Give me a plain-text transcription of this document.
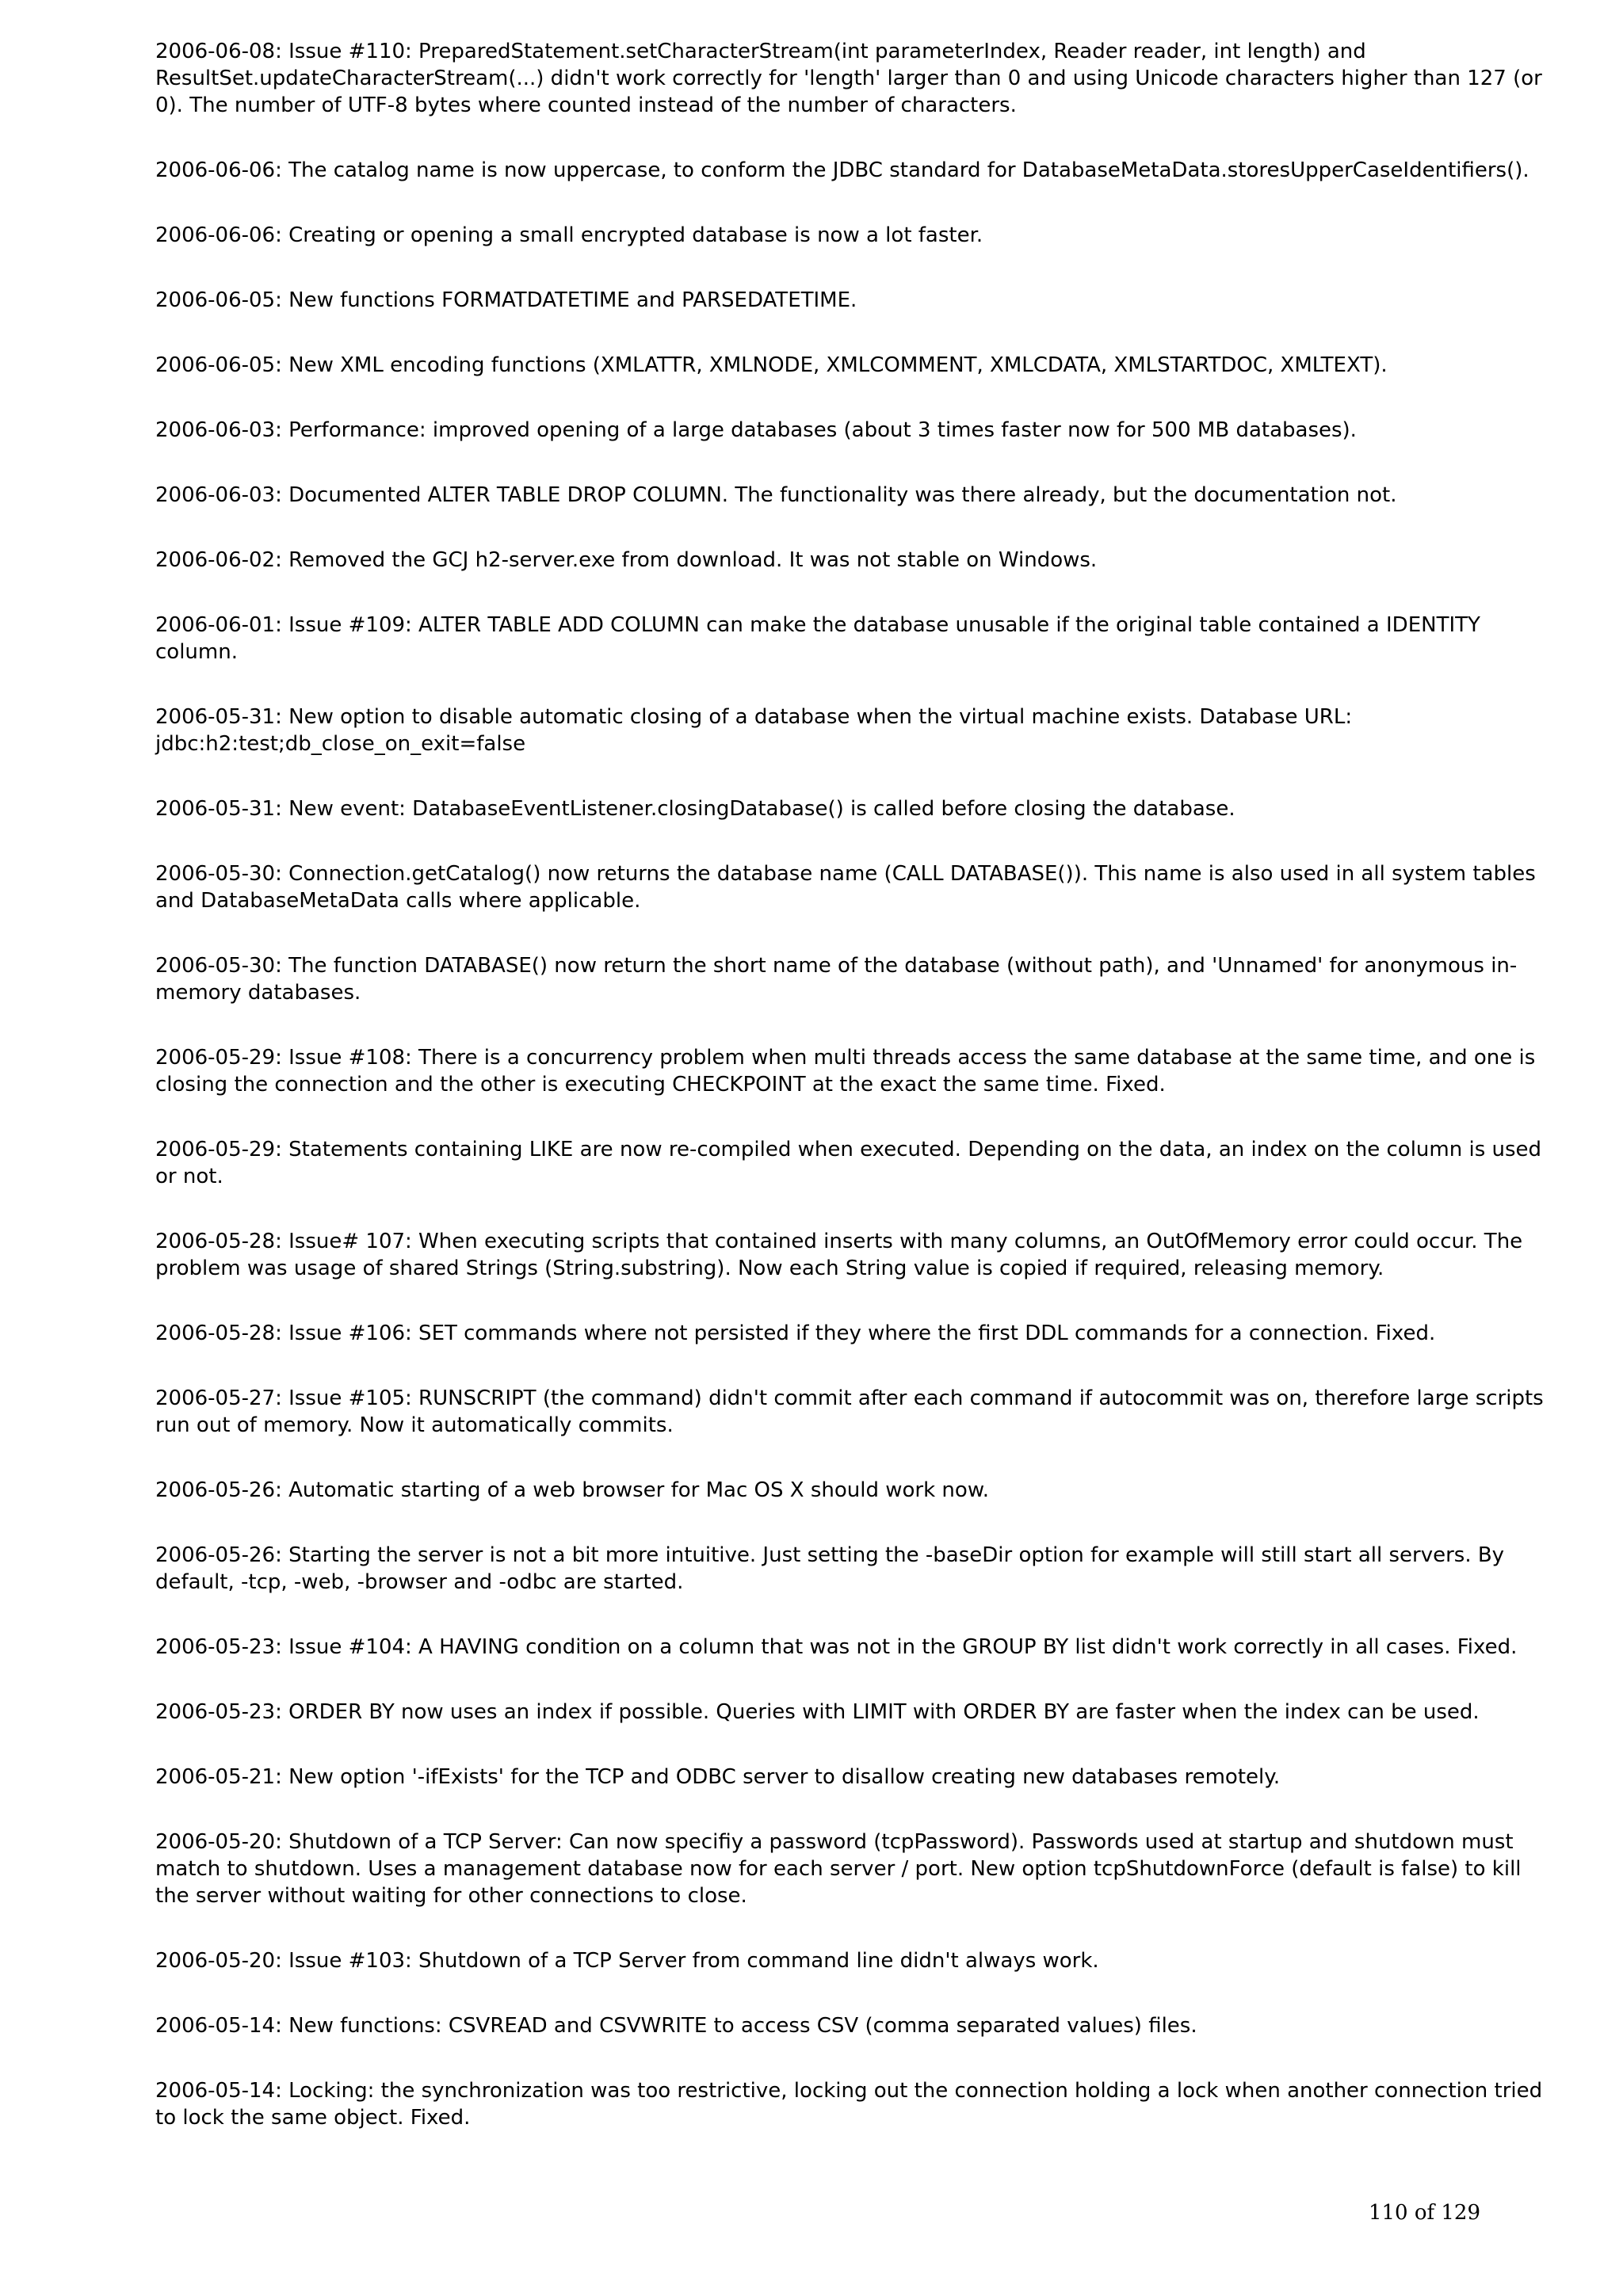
2006-06-08: Issue #110: PreparedStatement.setCharacterStream(int parameterIndex, Reader reader, int length) and ResultSet.updateCharacterStream(...) didn't work correctly for 'length' larger than 0 and using Unicode characters higher than 127 (or 0). The number of UTF-8 bytes where counted instead of the number of characters.
2006-06-06: The catalog name is now uppercase, to conform the JDBC standard for DatabaseMetaData.storesUpperCaseIdentifiers().
2006-06-06: Creating or opening a small encrypted database is now a lot faster.
2006-06-05: New functions FORMATDATETIME and PARSEDATETIME.
2006-06-05: New XML encoding functions (XMLATTR, XMLNODE, XMLCOMMENT, XMLCDATA, XMLSTARTDOC, XMLTEXT).
2006-06-03: Performance: improved opening of a large databases (about 3 times faster now for 500 MB databases).
2006-06-03: Documented ALTER TABLE DROP COLUMN. The functionality was there already, but the documentation not.
2006-06-02: Removed the GCJ h2-server.exe from download. It was not stable on Windows.
2006-06-01: Issue #109: ALTER TABLE ADD COLUMN can make the database unusable if the original table contained a IDENTITY column.
2006-05-31: New option to disable automatic closing of a database when the virtual machine exists. Database URL: jdbc:h2:test;db_close_on_exit=false
2006-05-31: New event: DatabaseEventListener.closingDatabase() is called before closing the database.
2006-05-30: Connection.getCatalog() now returns the database name (CALL DATABASE()). This name is also used in all system tables and DatabaseMetaData calls where applicable.
2006-05-30: The function DATABASE() now return the short name of the database (without path), and 'Unnamed' for anonymous in-memory databases.
2006-05-29: Issue #108: There is a concurrency problem when multi threads access the same database at the same time, and one is closing the connection and the other is executing CHECKPOINT at the exact the same time. Fixed.
2006-05-29: Statements containing LIKE are now re-compiled when executed. Depending on the data, an index on the column is used or not.
2006-05-28: Issue# 107: When executing scripts that contained inserts with many columns, an OutOfMemory error could occur. The problem was usage of shared Strings (String.substring). Now each String value is copied if required, releasing memory.
2006-05-28: Issue #106: SET commands where not persisted if they where the first DDL commands for a connection. Fixed.
2006-05-27: Issue #105: RUNSCRIPT (the command) didn't commit after each command if autocommit was on, therefore large scripts run out of memory. Now it automatically commits.
2006-05-26: Automatic starting of a web browser for Mac OS X should work now.
2006-05-26: Starting the server is not a bit more intuitive. Just setting the -baseDir option for example will still start all servers. By default, -tcp, -web, -browser and -odbc are started.
2006-05-23: Issue #104: A HAVING condition on a column that was not in the GROUP BY list didn't work correctly in all cases. Fixed.
2006-05-23: ORDER BY now uses an index if possible. Queries with LIMIT with ORDER BY are faster when the index can be used.
2006-05-21: New option '-ifExists' for the TCP and ODBC server to disallow creating new databases remotely.
2006-05-20: Shutdown of a TCP Server: Can now specifiy a password (tcpPassword). Passwords used at startup and shutdown must match to shutdown. Uses a management database now for each server / port. New option tcpShutdownForce (default is false) to kill the server without waiting for other connections to close.
2006-05-20: Issue #103: Shutdown of a TCP Server from command line didn't always work.
2006-05-14: New functions: CSVREAD and CSVWRITE to access CSV (comma separated values) files.
2006-05-14: Locking: the synchronization was too restrictive, locking out the connection holding a lock when another connection tried to lock the same object. Fixed.
110 of 129
